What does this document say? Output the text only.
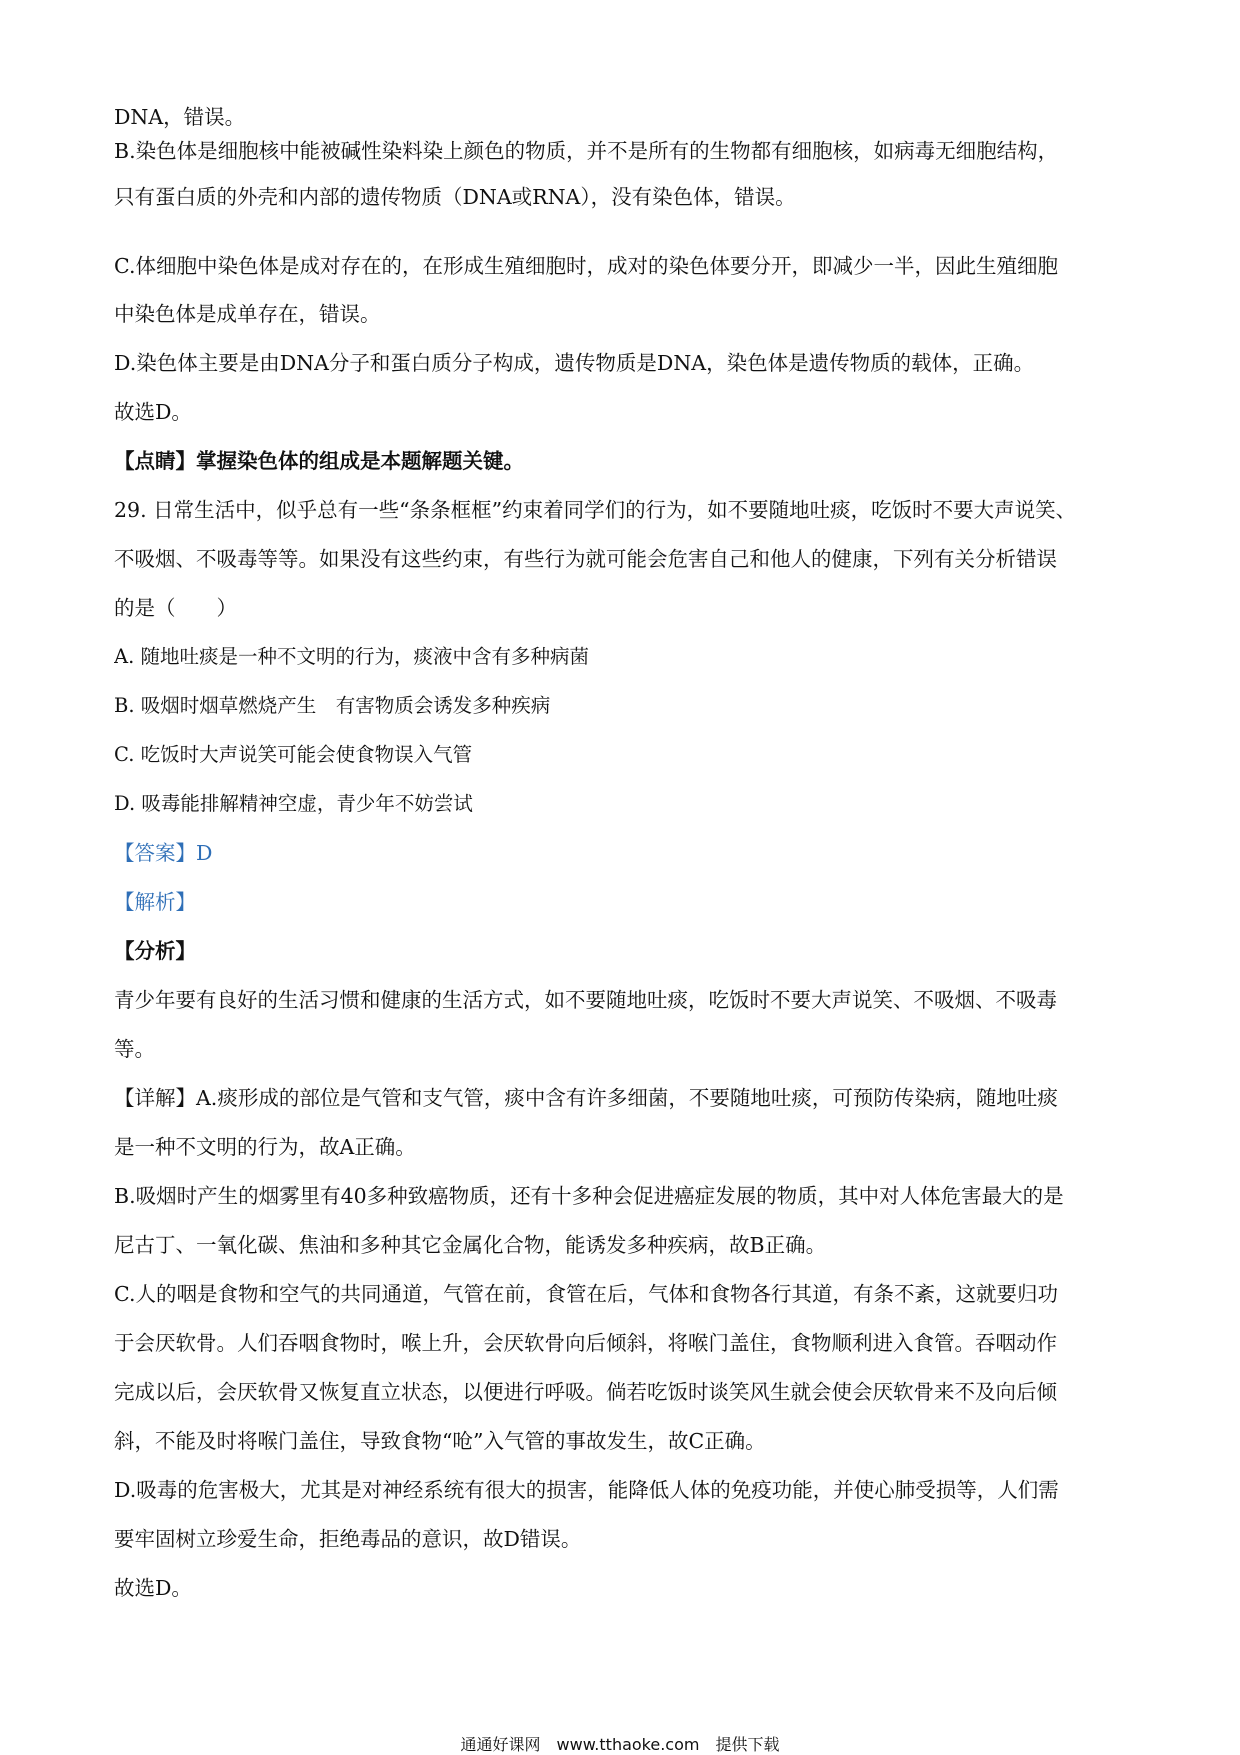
DNA，错误。
B.染色体是细胞核中能被碱性染料染上颜色的物质，并不是所有的生物都有细胞核，如病毒无细胞结构，
只有蛋白质的外壳和内部的遗传物质（DNA或RNA），没有染色体，错误。
C.体细胞中染色体是成对存在的，在形成生殖细胞时，成对的染色体要分开，即减少一半，因此生殖细胞
中染色体是成单存在，错误。
D.染色体主要是由DNA分子和蛋白质分子构成，遗传物质是DNA，染色体是遗传物质的载体，正确。
故选D。
【点睛】掌握染色体的组成是本题解题关键。
29. 日常生活中，似乎总有一些“条条框框”约束着同学们的行为，如不要随地吐痰，吃饭时不要大声说笑、
不吸烟、不吸毒等等。如果没有这些约束，有些行为就可能会危害自己和他人的健康，下列有关分析错误
的是（　　）
A. 随地吐痰是一种不文明的行为，痰液中含有多种病菌
B. 吸烟时烟草燃烧产生　有害物质会诱发多种疾病
C. 吃饭时大声说笑可能会使食物误入气管
D. 吸毒能排解精神空虚，青少年不妨尝试
【答案】D
【解析】
【分析】
青少年要有良好的生活习惯和健康的生活方式，如不要随地吐痰，吃饭时不要大声说笑、不吸烟、不吸毒
等。
【详解】A.痰形成的部位是气管和支气管，痰中含有许多细菌，不要随地吐痰，可预防传染病，随地吐痰
是一种不文明的行为，故A正确。
B.吸烟时产生的烟雾里有40多种致癌物质，还有十多种会促进癌症发展的物质，其中对人体危害最大的是
尼古丁、一氧化碳、焦油和多种其它金属化合物，能诱发多种疾病，故B正确。
C.人的咽是食物和空气的共同通道，气管在前，食管在后，气体和食物各行其道，有条不紊，这就要归功
于会厌软骨。人们吞咽食物时，喉上升，会厌软骨向后倾斜，将喉门盖住，食物顺利进入食管。吞咽动作
完成以后，会厌软骨又恢复直立状态，以便进行呼吸。倘若吃饭时谈笑风生就会使会厌软骨来不及向后倾
斜，不能及时将喉门盖住，导致食物“呛”入气管的事故发生，故C正确。
D.吸毒的危害极大，尤其是对神经系统有很大的损害，能降低人体的免疫功能，并使心肺受损等，人们需
要牢固树立珍爱生命，拒绝毒品的意识，故D错误。
故选D。
通通好课网　www.tthaoke.com　提供下载
